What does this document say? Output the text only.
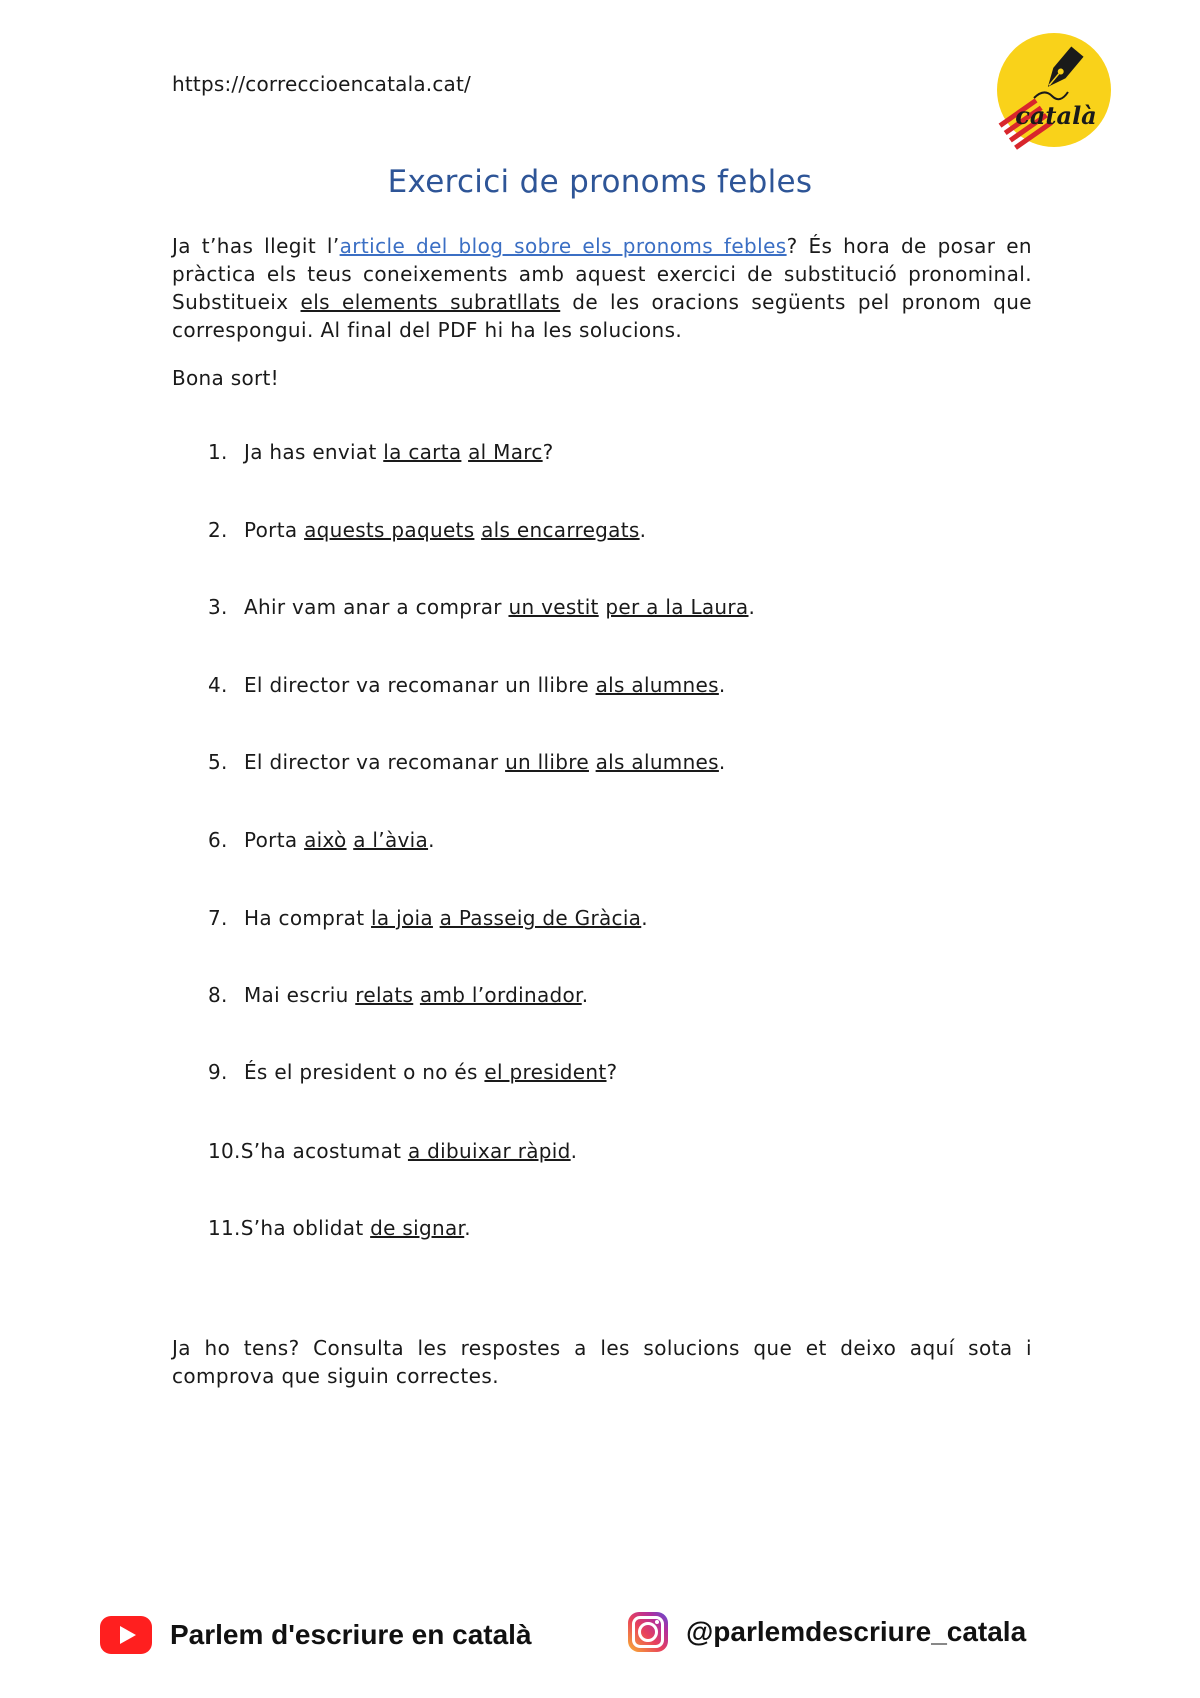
https://correccioencatala.cat/
català
Exercici de pronoms febles
Ja t’has llegit l’article del blog sobre els pronoms febles? És hora de posar en pràctica els teus coneixements amb aquest exercici de substitució pronominal. Substitueix els elements subratllats de les oracions següents pel pronom que correspongui. Al final del PDF hi ha les solucions.
Bona sort!
1. Ja has enviat la carta al Marc?
2. Porta aquests paquets als encarregats.
3. Ahir vam anar a comprar un vestit per a la Laura.
4. El director va recomanar un llibre als alumnes.
5. El director va recomanar un llibre als alumnes.
6. Porta això a l’àvia.
7. Ha comprat la joia a Passeig de Gràcia.
8. Mai escriu relats amb l’ordinador.
9. És el president o no és el president?
10.S’ha acostumat a dibuixar ràpid.
11.S’ha oblidat de signar.
Ja ho tens? Consulta les respostes a les solucions que et deixo aquí sota i comprova que siguin correctes.
Parlem d'escriure en català	@parlemdescriure_catala
